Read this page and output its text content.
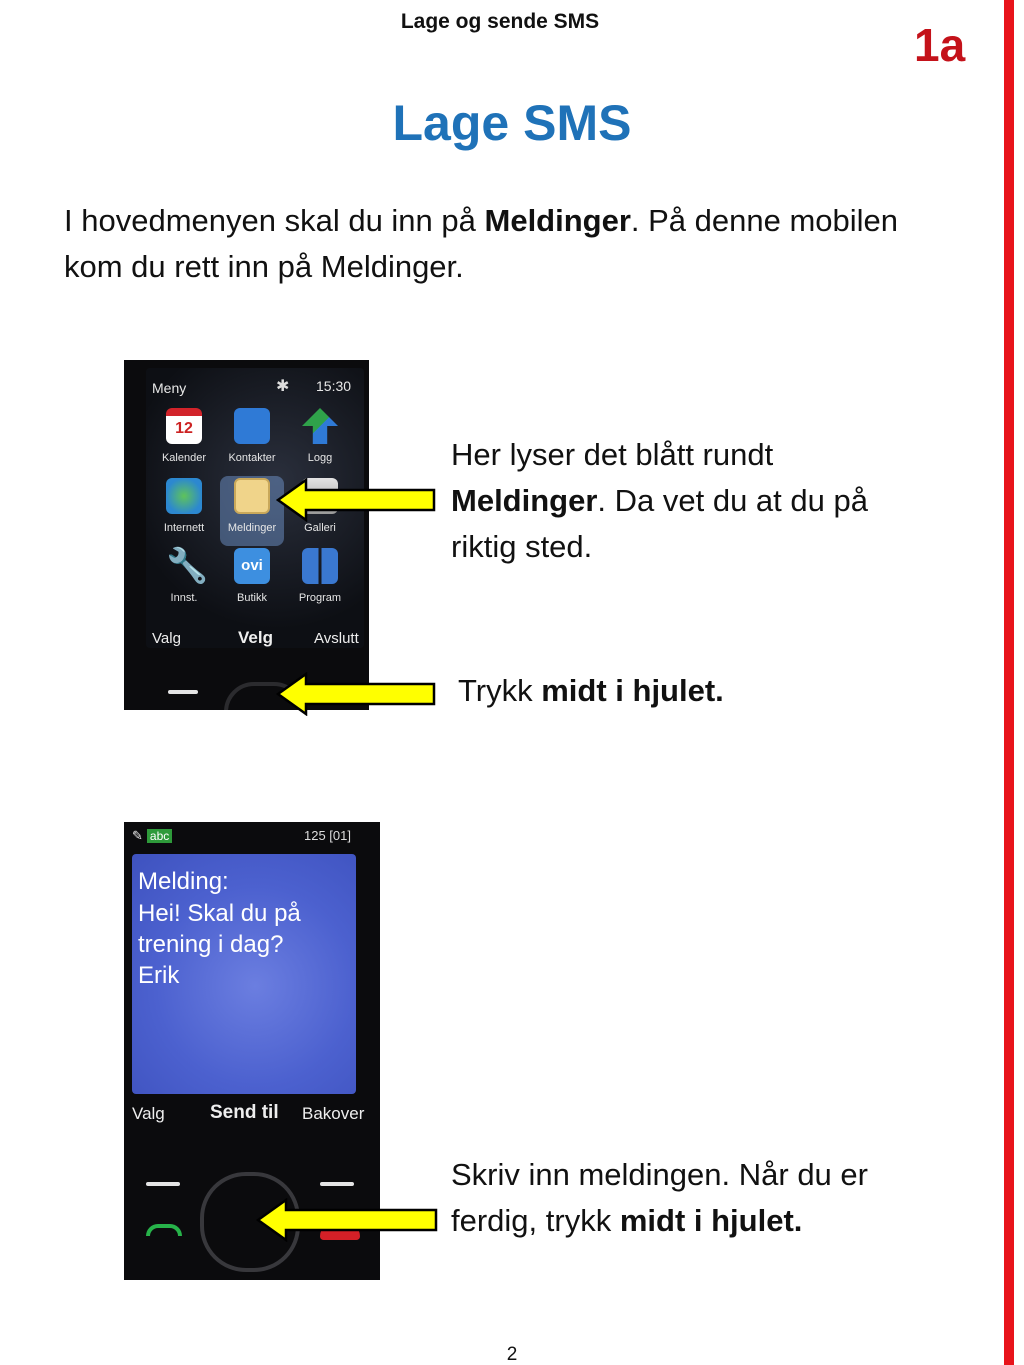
Lage og sende SMS	1a
Lage SMS

I hovedmenyen skal du inn på Meldinger. På denne mobilen kom du rett inn på Meldinger.

Meny	✱ 15:30
12
Kalender	Kontakter	Logg
Internett	Meldinger	Galleri
🔧
Innst.
ovi
Butikk	Program
Valg	Velg	Avslutt
Her lyser det blått rundt Meldinger. Da vet du at du på riktig sted.
Trykk midt i hjulet.
✎ abc	125 [01]
Melding:
Hei! Skal du på
trening i dag?
Erik
Valg Send til Bakover
Skriv inn meldingen. Når du er ferdig, trykk midt i hjulet.
2
